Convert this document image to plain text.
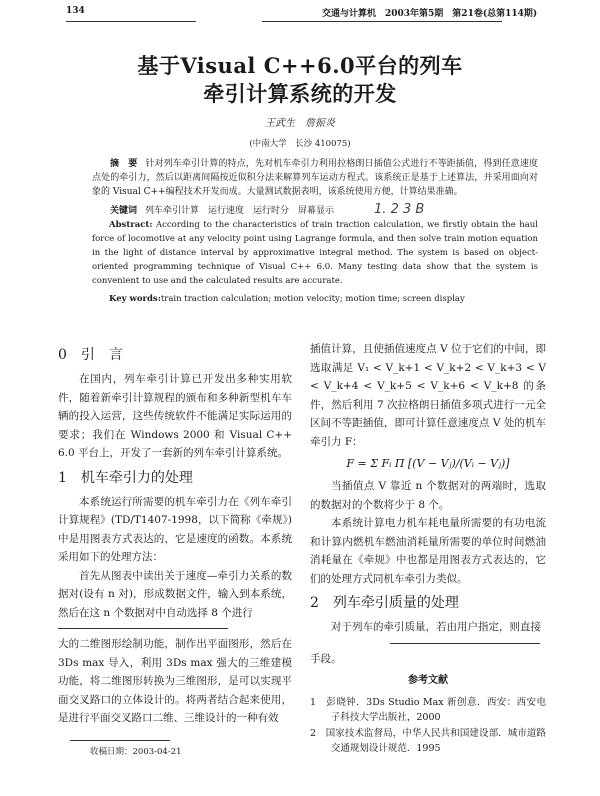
134	交通与计算机　2003年第5期　第21卷(总第114期)
基于Visual C++6.0平台的列车
牵引计算系统的开发
王武生　詹振炎
(中南大学　长沙 410075)

摘　要 针对列车牵引计算的特点，先对机车牵引力利用拉格朗日插值公式进行不等距插值，得到任意速度点处的牵引力，然后以距离间隔按近似积分法来解算列车运动方程式。该系统正是基于上述算法，并采用面向对象的 Visual C++编程技术开发而成。大量测试数据表明，该系统使用方便，计算结果准确。

关键词 列车牵引计算　运行速度　运行时分　屏幕显示	1. 2 3 B

Abstract: According to the characteristics of train traction calculation, we firstly obtain the haul force of locomotive at any velocity point using Lagrange formula, and then solve train motion equation in the light of distance interval by approximative integral method. The system is based on object-oriented programming technique of Visual C++ 6.0. Many testing data show that the system is convenient to use and the calculated results are accurate.

Key words:train traction calculation; motion velocity; motion time; screen display

0 引　言

在国内，列车牵引计算已开发出多种实用软件，随着新牵引计算规程的颁布和多种新型机车车辆的投入运营，这些传统软件不能满足实际运用的要求；我们在 Windows 2000 和 Visual C++ 6.0 平台上，开发了一套新的列车牵引计算系统。

1 机车牵引力的处理

本系统运行所需要的机车牵引力在《列车牵引计算规程》(TD/T1407-1998，以下简称《牵规》)中是用图表方式表达的，它是速度的函数。本系统采用如下的处理方法：

首先从图表中读出关于速度—牵引力关系的数据对(设有 n 对)，形成数据文件，输入到本系统，然后在这 n 个数据对中自动选择 8 个进行

大的二维图形绘制功能，制作出平面图形，然后在 3Ds max 导入，利用 3Ds max 强大的三维建模功能，将二维图形转换为三维图形，是可以实现平面交叉路口的立体设计的。将两者结合起来使用，是进行平面交叉路口二维、三维设计的一种有效

收稿日期：2003-04-21

插值计算，且使插值速度点 V 位于它们的中间，即选取满足 V₁ < V_k+1 < V_k+2 < V_k+3 < V < V_k+4 < V_k+5 < V_k+6 < V_k+8 的条件，然后利用 7 次拉格朗日插值多项式进行一元全区间不等距插值，即可计算任意速度点 V 处的机车牵引力 F：

F = Σ Fᵢ Π [(V − Vⱼ)/(Vᵢ − Vⱼ)]

当插值点 V 靠近 n 个数据对的两端时，选取的数据对的个数将少于 8 个。

本系统计算电力机车耗电量所需要的有功电流和计算内燃机车燃油消耗量所需要的单位时间燃油消耗量在《牵规》中也都是用图表方式表达的，它们的处理方式同机车牵引力类似。

2 列车牵引质量的处理

对于列车的牵引质量，若由用户指定，则直接

手段。
参考文献
1　 彭晓钟．3Ds Studio Max 新创意．西安：西安电子科技大学出版社，2000
2　 国家技术监督局，中华人民共和国建设部．城市道路交通规划设计规范．1995
